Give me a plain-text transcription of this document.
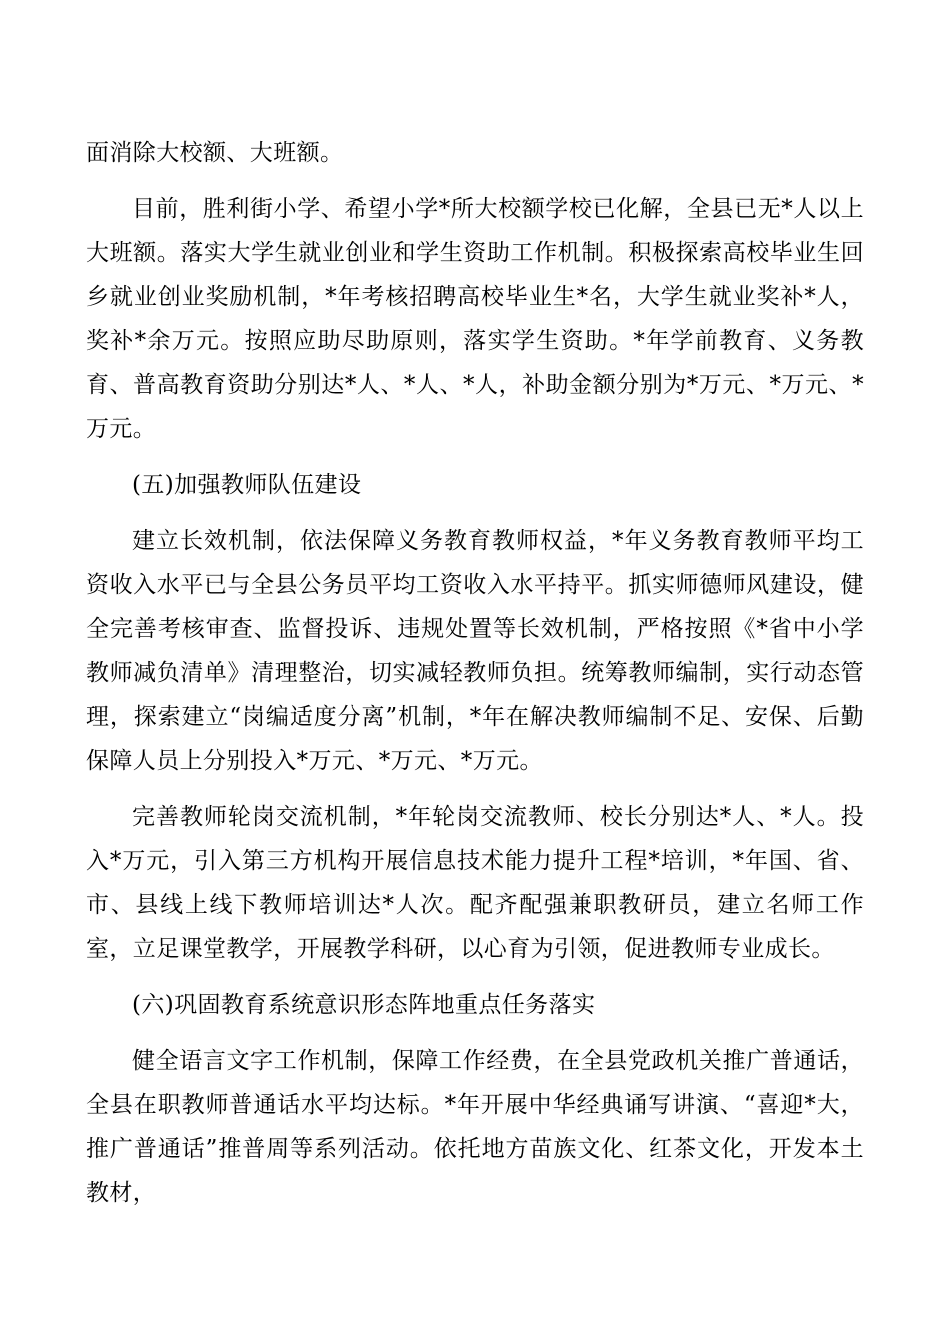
面消除大校额、大班额。

目前，胜利街小学、希望小学*所大校额学校已化解，全县已无*人以上大班额。落实大学生就业创业和学生资助工作机制。积极探索高校毕业生回乡就业创业奖励机制，*年考核招聘高校毕业生*名，大学生就业奖补*人，奖补*余万元。按照应助尽助原则，落实学生资助。*年学前教育、义务教育、普高教育资助分别达*人、*人、*人，补助金额分别为*万元、*万元、*万元。

(五)加强教师队伍建设

建立长效机制，依法保障义务教育教师权益，*年义务教育教师平均工资收入水平已与全县公务员平均工资收入水平持平。抓实师德师风建设，健全完善考核审查、监督投诉、违规处置等长效机制，严格按照《*省中小学教师减负清单》清理整治，切实减轻教师负担。统筹教师编制，实行动态管理，探索建立“岗编适度分离”机制，*年在解决教师编制不足、安保、后勤保障人员上分别投入*万元、*万元、*万元。

完善教师轮岗交流机制，*年轮岗交流教师、校长分别达*人、*人。投入*万元，引入第三方机构开展信息技术能力提升工程*培训，*年国、省、市、县线上线下教师培训达*人次。配齐配强兼职教研员，建立名师工作室，立足课堂教学，开展教学科研，以心育为引领，促进教师专业成长。

(六)巩固教育系统意识形态阵地重点任务落实

健全语言文字工作机制，保障工作经费，在全县党政机关推广普通话，全县在职教师普通话水平均达标。*年开展中华经典诵写讲演、“喜迎*大，推广普通话”推普周等系列活动。依托地方苗族文化、红茶文化，开发本土教材，
